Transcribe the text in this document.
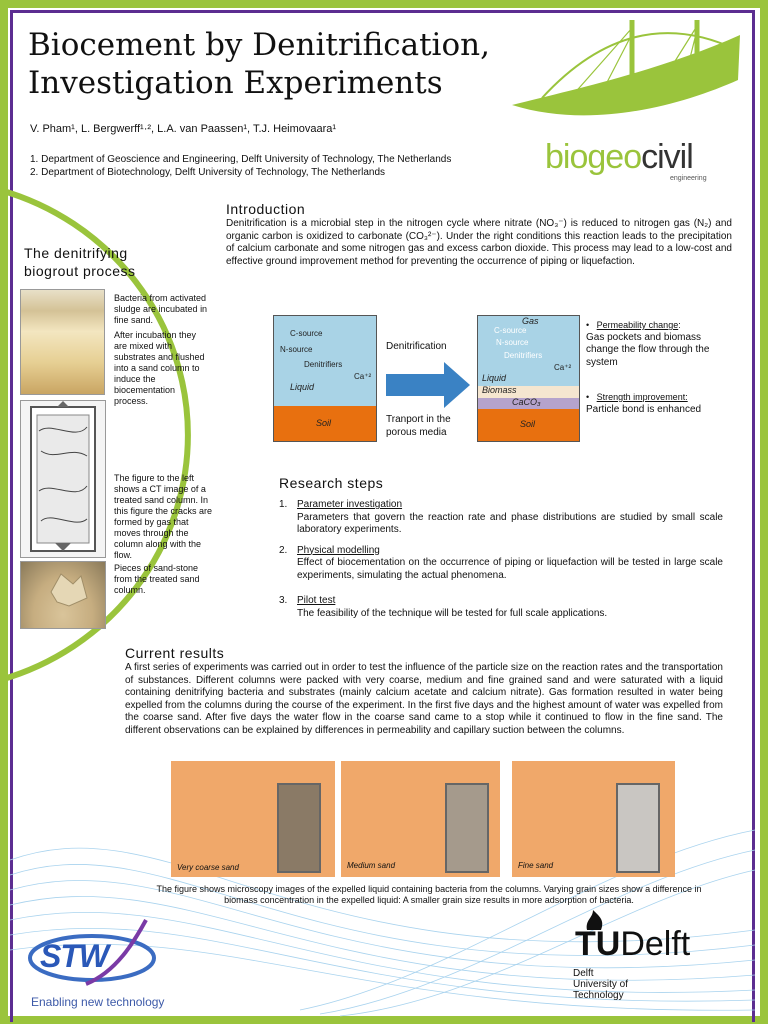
Biocement by Denitrification,
Investigation Experiments
biogeocivil
engineering
V. Pham¹, L. Bergwerff¹·², L.A. van Paassen¹, T.J. Heimovaara¹
1. Department of Geoscience and Engineering, Delft University of Technology, The Netherlands
2. Department of Biotechnology, Delft University of Technology, The Netherlands
The denitrifying
biogrout process
Bacteria from activated sludge are incubated in fine sand.
After incubation they are mixed with substrates and flushed into a sand column to induce the biocementation process.
The figure to the left shows a CT image of a treated sand column. In this figure the cracks are formed by gas that moves through the column along with the flow.
Pieces of sand-stone from the treated sand column.
Introduction
Denitrification is a microbial step in the nitrogen cycle where nitrate (NO₃⁻) is reduced to nitrogen gas (N₂) and organic carbon is oxidized to carbonate (CO₃²⁻). Under the right conditions this reaction leads to the precipitation of calcium carbonate and some nitrogen gas and excess carbon dioxide. This process may lead to a low-cost and effective ground improvement method for preventing the occurrence of piping or liquefaction.
C-source
N-source
Denitrifiers
Ca⁺²
Liquid
Soil
Denitrification
Tranport in the porous media
Gas
C-source
N-source
Denitrifiers
Ca⁺²
Liquid
Biomass
CaCO₃
Soil
•   Permeability change:
Gas pockets and biomass change the flow through the system
•   Strength improvement:
Particle bond is enhanced
Research steps
1. Parameter investigation
Parameters that govern the reaction rate and phase distributions are studied by small scale laboratory experiments.
2. Physical modelling
Effect of biocementation on the occurrence of piping or liquefaction will be tested in large scale experiments, simulating the actual phenomena.
3. Pilot test
The feasibility of the technique will be tested for full scale applications.
Current results
A first series of experiments was carried out in order to test the influence of the particle size on the reaction rates and the transportation of substances. Different columns were packed with very coarse, medium and fine grained sand and were saturated with a liquid containing denitrifying bacteria and substrates (mainly calcium acetate and calcium nitrate). Gas formation resulted in water being expelled from the columns during the course of the experiment. In the first five days and the highest amount of water was expelled from the coarse sand. After five days the water flow in the coarse sand came to a stop while it continued to flow in the fine sand. The different observations can be explained by differences in permeability and capillary suction between the columns.
Very coarse sand	Medium sand	Fine sand
The figure shows microscopy images of the expelled liquid containing bacteria from the columns. Varying grain sizes show a difference in biomass concentration in the expelled liquid: A smaller grain size results in more adsorption of bacteria.
STW
Enabling new technology
TUDelft
Delft
University of
Technology
